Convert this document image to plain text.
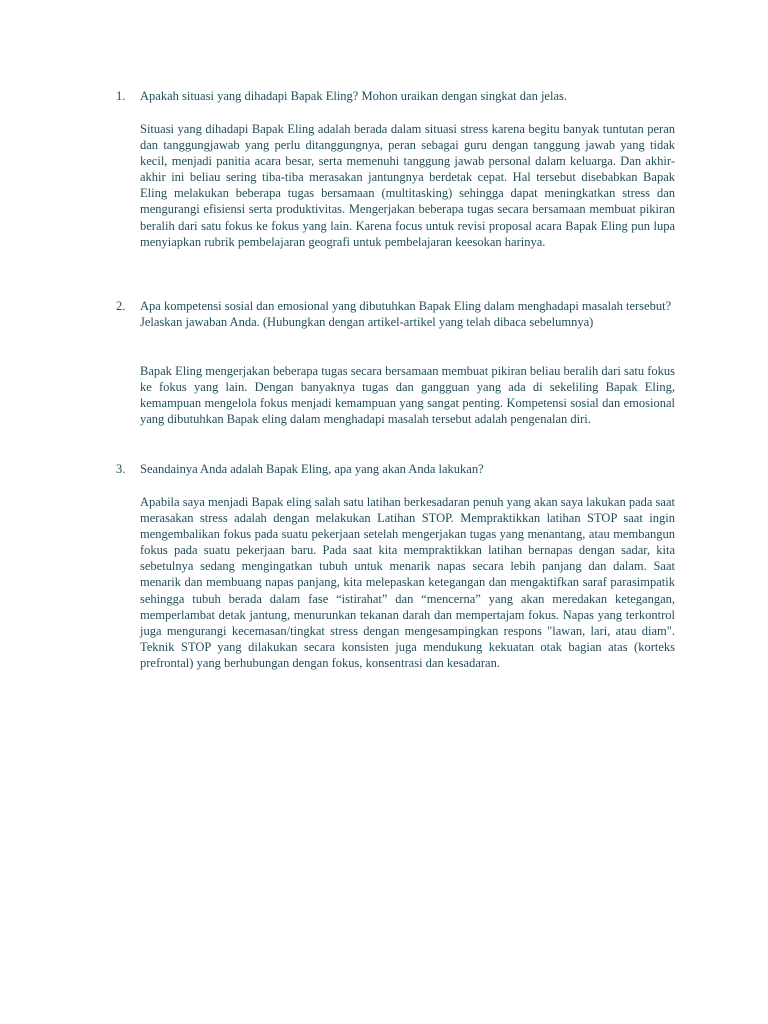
1. Apakah situasi yang dihadapi Bapak Eling? Mohon uraikan dengan singkat dan jelas.
Situasi yang dihadapi Bapak Eling adalah berada dalam situasi stress karena begitu banyak tuntutan peran dan tanggungjawab yang perlu ditanggungnya, peran sebagai guru dengan tanggung jawab yang tidak kecil, menjadi panitia acara besar, serta memenuhi tanggung jawab personal dalam keluarga. Dan akhir-akhir ini beliau sering tiba-tiba merasakan jantungnya berdetak cepat. Hal tersebut disebabkan Bapak Eling melakukan beberapa tugas bersamaan (multitasking) sehingga dapat meningkatkan stress dan mengurangi efisiensi serta produktivitas. Mengerjakan beberapa tugas secara bersamaan membuat pikiran beralih dari satu fokus ke fokus yang lain. Karena focus untuk revisi proposal acara Bapak Eling pun lupa menyiapkan rubrik pembelajaran geografi untuk pembelajaran keesokan harinya.
2. Apa kompetensi sosial dan emosional yang dibutuhkan Bapak Eling dalam menghadapi masalah tersebut? Jelaskan jawaban Anda. (Hubungkan dengan artikel-artikel yang telah dibaca sebelumnya)
Bapak Eling mengerjakan beberapa tugas secara bersamaan membuat pikiran beliau beralih dari satu fokus ke fokus yang lain. Dengan banyaknya tugas dan gangguan yang ada di sekeliling Bapak Eling, kemampuan mengelola fokus menjadi kemampuan yang sangat penting. Kompetensi sosial dan emosional yang dibutuhkan Bapak eling dalam menghadapi masalah tersebut adalah pengenalan diri.
3. Seandainya Anda adalah Bapak Eling, apa yang akan Anda lakukan?
Apabila saya menjadi Bapak eling salah satu latihan berkesadaran penuh yang akan saya lakukan pada saat merasakan stress adalah dengan melakukan Latihan STOP. Mempraktikkan latihan STOP saat ingin mengembalikan fokus pada suatu pekerjaan setelah mengerjakan tugas yang menantang, atau membangun fokus pada suatu pekerjaan baru. Pada saat kita mempraktikkan latihan bernapas dengan sadar, kita sebetulnya sedang mengingatkan tubuh untuk menarik napas secara lebih panjang dan dalam. Saat menarik dan membuang napas panjang, kita melepaskan ketegangan dan mengaktifkan saraf parasimpatik sehingga tubuh berada dalam fase “istirahat” dan “mencerna” yang akan meredakan ketegangan, memperlambat detak jantung, menurunkan tekanan darah dan mempertajam fokus. Napas yang terkontrol juga mengurangi kecemasan/tingkat stress dengan mengesampingkan respons "lawan, lari, atau diam". Teknik STOP yang dilakukan secara konsisten juga mendukung kekuatan otak bagian atas (korteks prefrontal) yang berhubungan dengan fokus, konsentrasi dan kesadaran.
